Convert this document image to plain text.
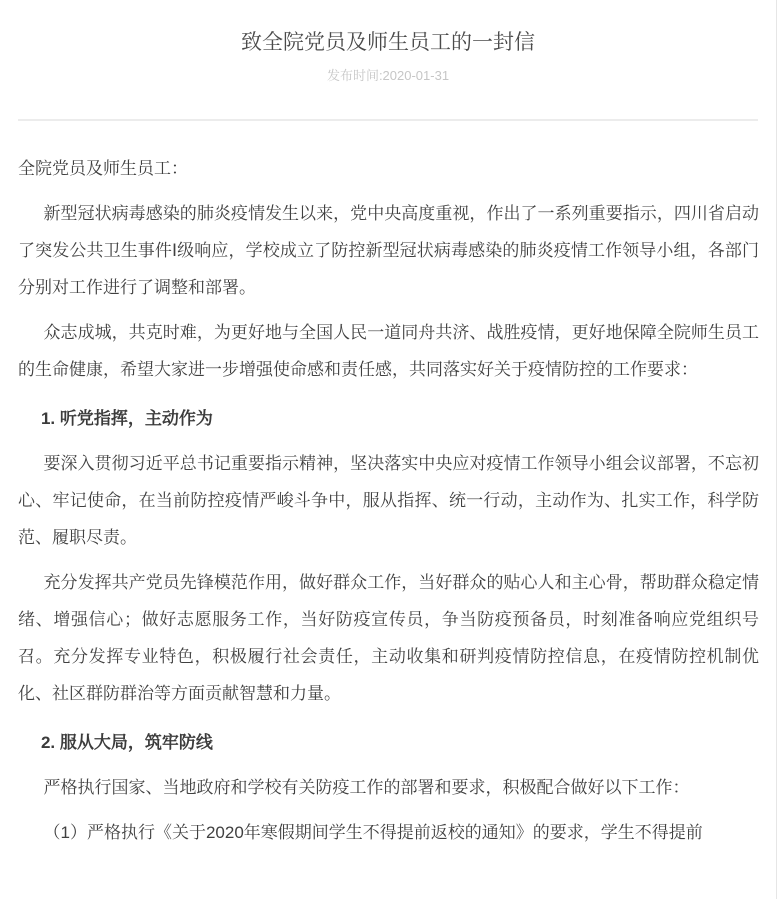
致全院党员及师生员工的一封信

发布时间:2020-01-31

全院党员及师生员工：

新型冠状病毒感染的肺炎疫情发生以来，党中央高度重视，作出了一系列重要指示，四川省启动了突发公共卫生事件Ⅰ级响应，学校成立了防控新型冠状病毒感染的肺炎疫情工作领导小组，各部门分别对工作进行了调整和部署。

众志成城，共克时难，为更好地与全国人民一道同舟共济、战胜疫情，更好地保障全院师生员工的生命健康，希望大家进一步增强使命感和责任感，共同落实好关于疫情防控的工作要求：

1. 听党指挥，主动作为

要深入贯彻习近平总书记重要指示精神，坚决落实中央应对疫情工作领导小组会议部署，不忘初心、牢记使命，在当前防控疫情严峻斗争中，服从指挥、统一行动，主动作为、扎实工作，科学防范、履职尽责。

充分发挥共产党员先锋模范作用，做好群众工作，当好群众的贴心人和主心骨，帮助群众稳定情绪、增强信心；做好志愿服务工作，当好防疫宣传员，争当防疫预备员，时刻准备响应党组织号召。充分发挥专业特色，积极履行社会责任，主动收集和研判疫情防控信息，在疫情防控机制优化、社区群防群治等方面贡献智慧和力量。

2. 服从大局，筑牢防线

严格执行国家、当地政府和学校有关防疫工作的部署和要求，积极配合做好以下工作：

（1）严格执行《关于2020年寒假期间学生不得提前返校的通知》的要求，学生不得提前
